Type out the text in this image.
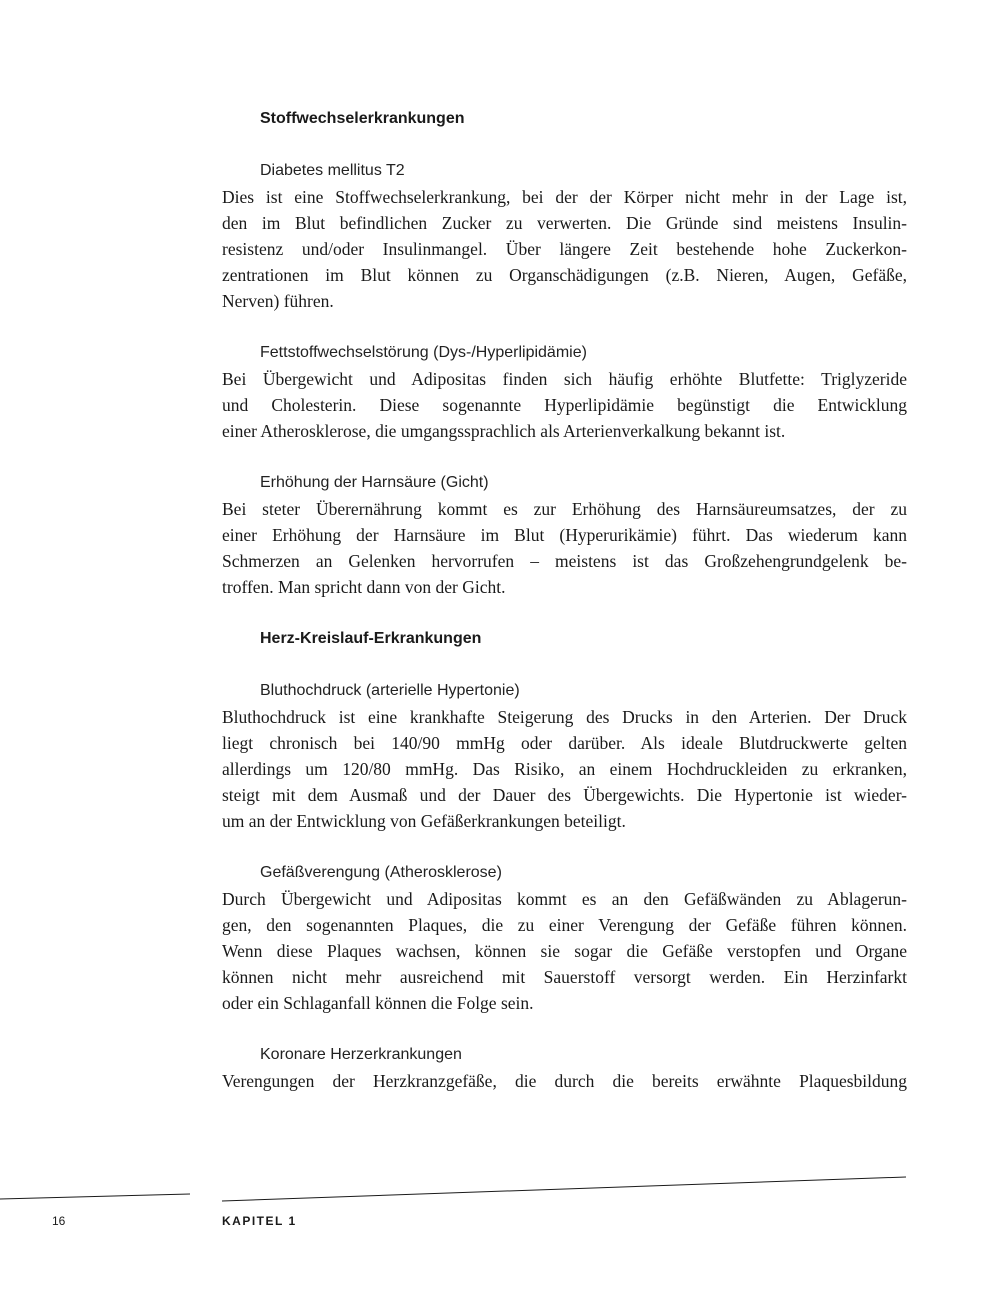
Stoffwechselerkrankungen
Diabetes mellitus T2
Dies ist eine Stoffwechselerkrankung, bei der der Körper nicht mehr in der Lage ist,
den im Blut befindlichen Zucker zu verwerten. Die Gründe sind meistens Insulin-
resistenz und/oder Insulinmangel. Über längere Zeit bestehende hohe Zuckerkon-
zentrationen im Blut können zu Organschädigungen (z.B. Nieren, Augen, Gefäße,
Nerven) führen.
Fettstoffwechselstörung (Dys-/Hyperlipidämie)
Bei Übergewicht und Adipositas finden sich häufig erhöhte Blutfette: Triglyzeride
und Cholesterin. Diese sogenannte Hyperlipidämie begünstigt die Entwicklung
einer Atherosklerose, die umgangssprachlich als Arterienverkalkung bekannt ist.
Erhöhung der Harnsäure (Gicht)
Bei steter Überernährung kommt es zur Erhöhung des Harnsäureumsatzes, der zu
einer Erhöhung der Harnsäure im Blut (Hyperurikämie) führt. Das wiederum kann
Schmerzen an Gelenken hervorrufen – meistens ist das Großzehengrundgelenk be-
troffen. Man spricht dann von der Gicht.
Herz-Kreislauf-Erkrankungen
Bluthochdruck (arterielle Hypertonie)
Bluthochdruck ist eine krankhafte Steigerung des Drucks in den Arterien. Der Druck
liegt chronisch bei 140/90 mmHg oder darüber. Als ideale Blutdruckwerte gelten
allerdings um 120/80 mmHg. Das Risiko, an einem Hochdruckleiden zu erkranken,
steigt mit dem Ausmaß und der Dauer des Übergewichts. Die Hypertonie ist wieder-
um an der Entwicklung von Gefäßerkrankungen beteiligt.
Gefäßverengung (Atherosklerose)
Durch Übergewicht und Adipositas kommt es an den Gefäßwänden zu Ablagerun-
gen, den sogenannten Plaques, die zu einer Verengung der Gefäße führen können.
Wenn diese Plaques wachsen, können sie sogar die Gefäße verstopfen und Organe
können nicht mehr ausreichend mit Sauerstoff versorgt werden. Ein Herzinfarkt
oder ein Schlaganfall können die Folge sein.
Koronare Herzerkrankungen
Verengungen der Herzkranzgefäße, die durch die bereits erwähnte Plaquesbildung
16	KAPITEL 1
